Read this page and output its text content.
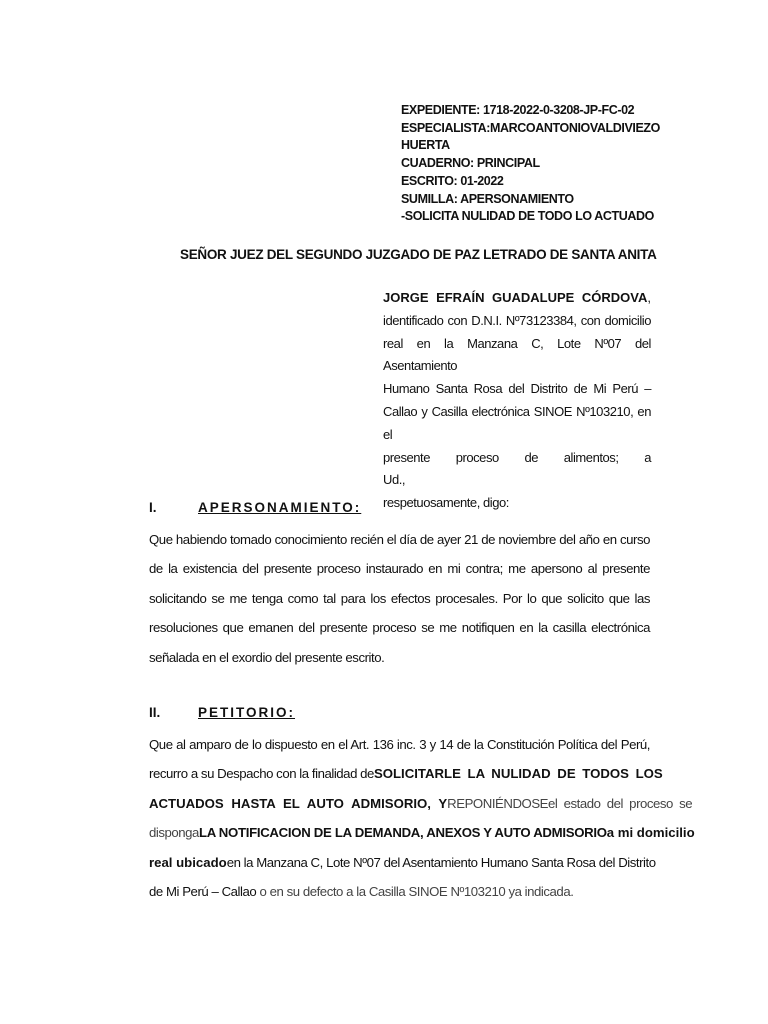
EXPEDIENTE: 1718-2022-0-3208-JP-FC-02
ESPECIALISTA: MARCO ANTONIO VALDIVIEZO
HUERTA
CUADERNO: PRINCIPAL
ESCRITO: 01-2022
SUMILLA: APERSONAMIENTO
-SOLICITA NULIDAD DE TODO LO ACTUADO
SEÑOR JUEZ DEL SEGUNDO JUZGADO DE PAZ LETRADO DE SANTA ANITA
JORGE EFRAÍN GUADALUPE CÓRDOVA,
identificado con D.N.I. Nº73123384, con domicilio
real en la Manzana C, Lote Nº07 del Asentamiento
Humano Santa Rosa del Distrito de Mi Perú –
Callao y Casilla electrónica SINOE Nº103210, en el
presente proceso de alimentos; a Ud.,
respetuosamente, digo:
I.	APERSONAMIENTO:
Que habiendo tomado conocimiento recién el día de ayer 21 de noviembre del año en curso
de la existencia del presente proceso instaurado en mi contra; me apersono al presente
solicitando se me tenga como tal para los efectos procesales. Por lo que solicito que las
resoluciones que emanen del presente proceso se me notifiquen en la casilla electrónica
señalada en el exordio del presente escrito.
II.	PETITORIO:
Que al amparo de lo dispuesto en el Art. 136 inc. 3 y 14 de la Constitución Política del Perú,
recurro a su Despacho con la finalidad de SOLICITARLE LA NULIDAD DE TODOS LOS
ACTUADOS HASTA EL AUTO ADMISORIO, Y REPONIÉNDOSE el estado del proceso se
disponga LA NOTIFICACION DE LA DEMANDA, ANEXOS Y AUTO ADMISORIO a mi domicilio
real ubicado en la Manzana C, Lote Nº07 del Asentamiento Humano Santa Rosa del Distrito
de Mi Perú – Callao
o en su defecto a la Casilla SINOE Nº103210
ya indicada.
